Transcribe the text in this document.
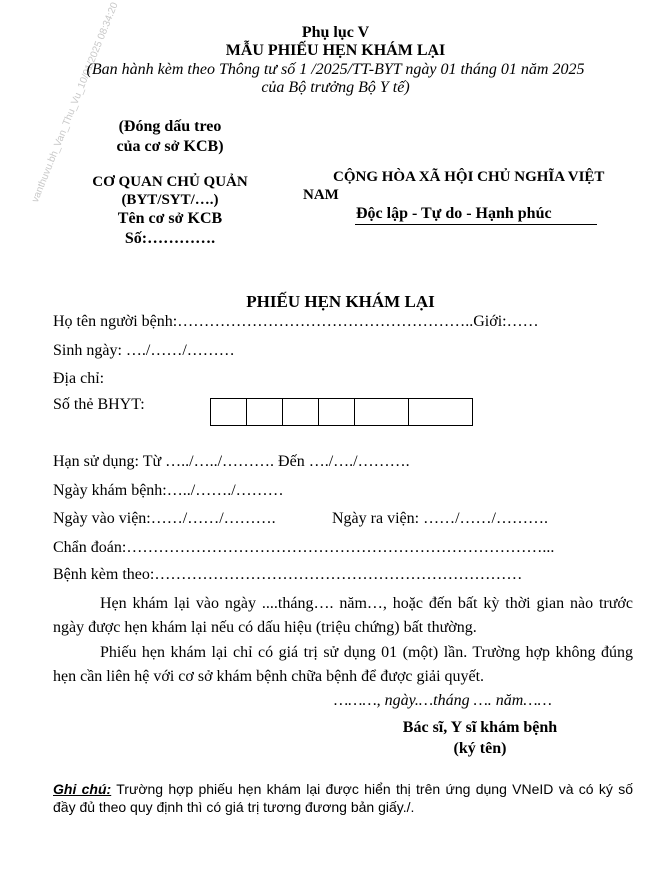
vanthuvu.bh_Van_Thu_Vu_10/01/2025 08:34:20	Phụ lục V
MẪU PHIẾU HẸN KHÁM LẠI
(Ban hành kèm theo Thông tư số 1 /2025/TT-BYT ngày 01 tháng 01 năm 2025
của Bộ trưởng Bộ Y tế)
(Đóng dấu treo
của cơ sở KCB)
CƠ QUAN CHỦ QUẢN
(BYT/SYT/….)
Tên cơ sở KCB
Số:………….
CỘNG HÒA XÃ HỘI CHỦ NGHĨA VIỆT
NAM
Độc lập - Tự do - Hạnh phúc
PHIẾU HẸN KHÁM LẠI
Họ tên người bệnh:………………………………………………..Giới:……
Sinh ngày: …./……/………
Địa chỉ:
Số thẻ BHYT:
Hạn sử dụng: Từ …../…../………. Đến …./…./……….
Ngày khám bệnh:…../……./………
Ngày vào viện:……/……/……….	Ngày ra viện: ……/……/……….
Chẩn đoán:……………………………………………………………………...
Bệnh kèm theo:……………………………………………………………
Hẹn khám lại vào ngày ....tháng…. năm…, hoặc đến bất kỳ thời gian nào trước ngày được hẹn khám lại nếu có dấu hiệu (triệu chứng) bất thường.
Phiếu hẹn khám lại chỉ có giá trị sử dụng 01 (một) lần. Trường hợp không đúng hẹn cần liên hệ với cơ sở khám bệnh chữa bệnh để được giải quyết.
………, ngày.…tháng …. năm……
Bác sĩ, Y sĩ khám bệnh
(ký tên)
Ghi chú: Trường hợp phiếu hẹn khám lại được hiển thị trên ứng dụng VNeID và có ký số đầy đủ theo quy định thì có giá trị tương đương bản giấy./.
